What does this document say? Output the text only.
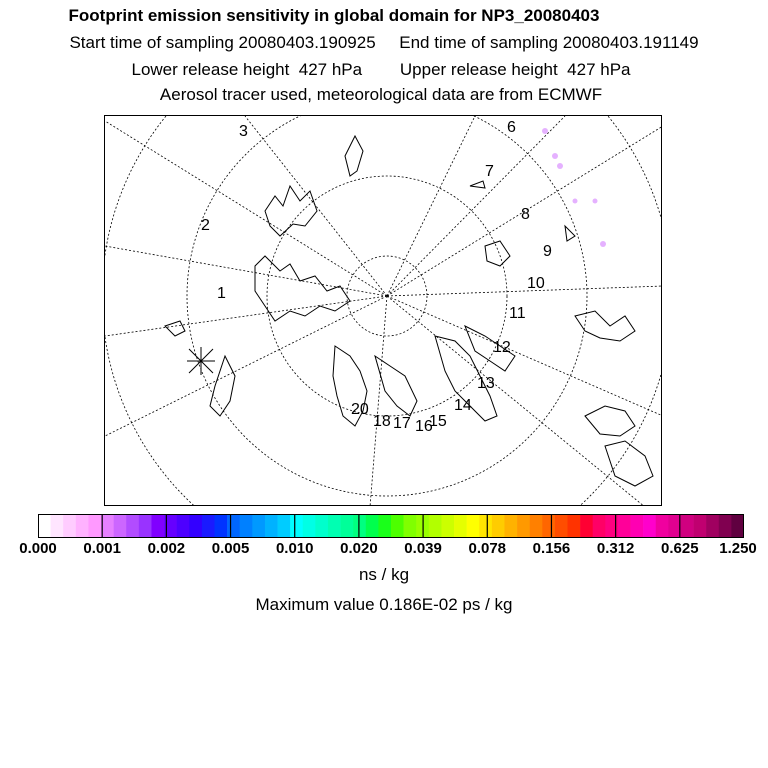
Footprint emission sensitivity in global domain for NP3_20080403
Start time of sampling 20080403.190925     End time of sampling 20080403.191149
Lower release height  427 hPa        Upper release height  427 hPa
Aerosol tracer used, meteorological data are from ECMWF
1
2
3	6
7
8
9
10
11
12
13
14
15
16
17
18
20
0.000 0.001 0.002 0.005 0.010 0.020 0.039 0.078 0.156 0.312 0.625 1.250
ns / kg
Maximum value 0.186E-02 ps / kg
